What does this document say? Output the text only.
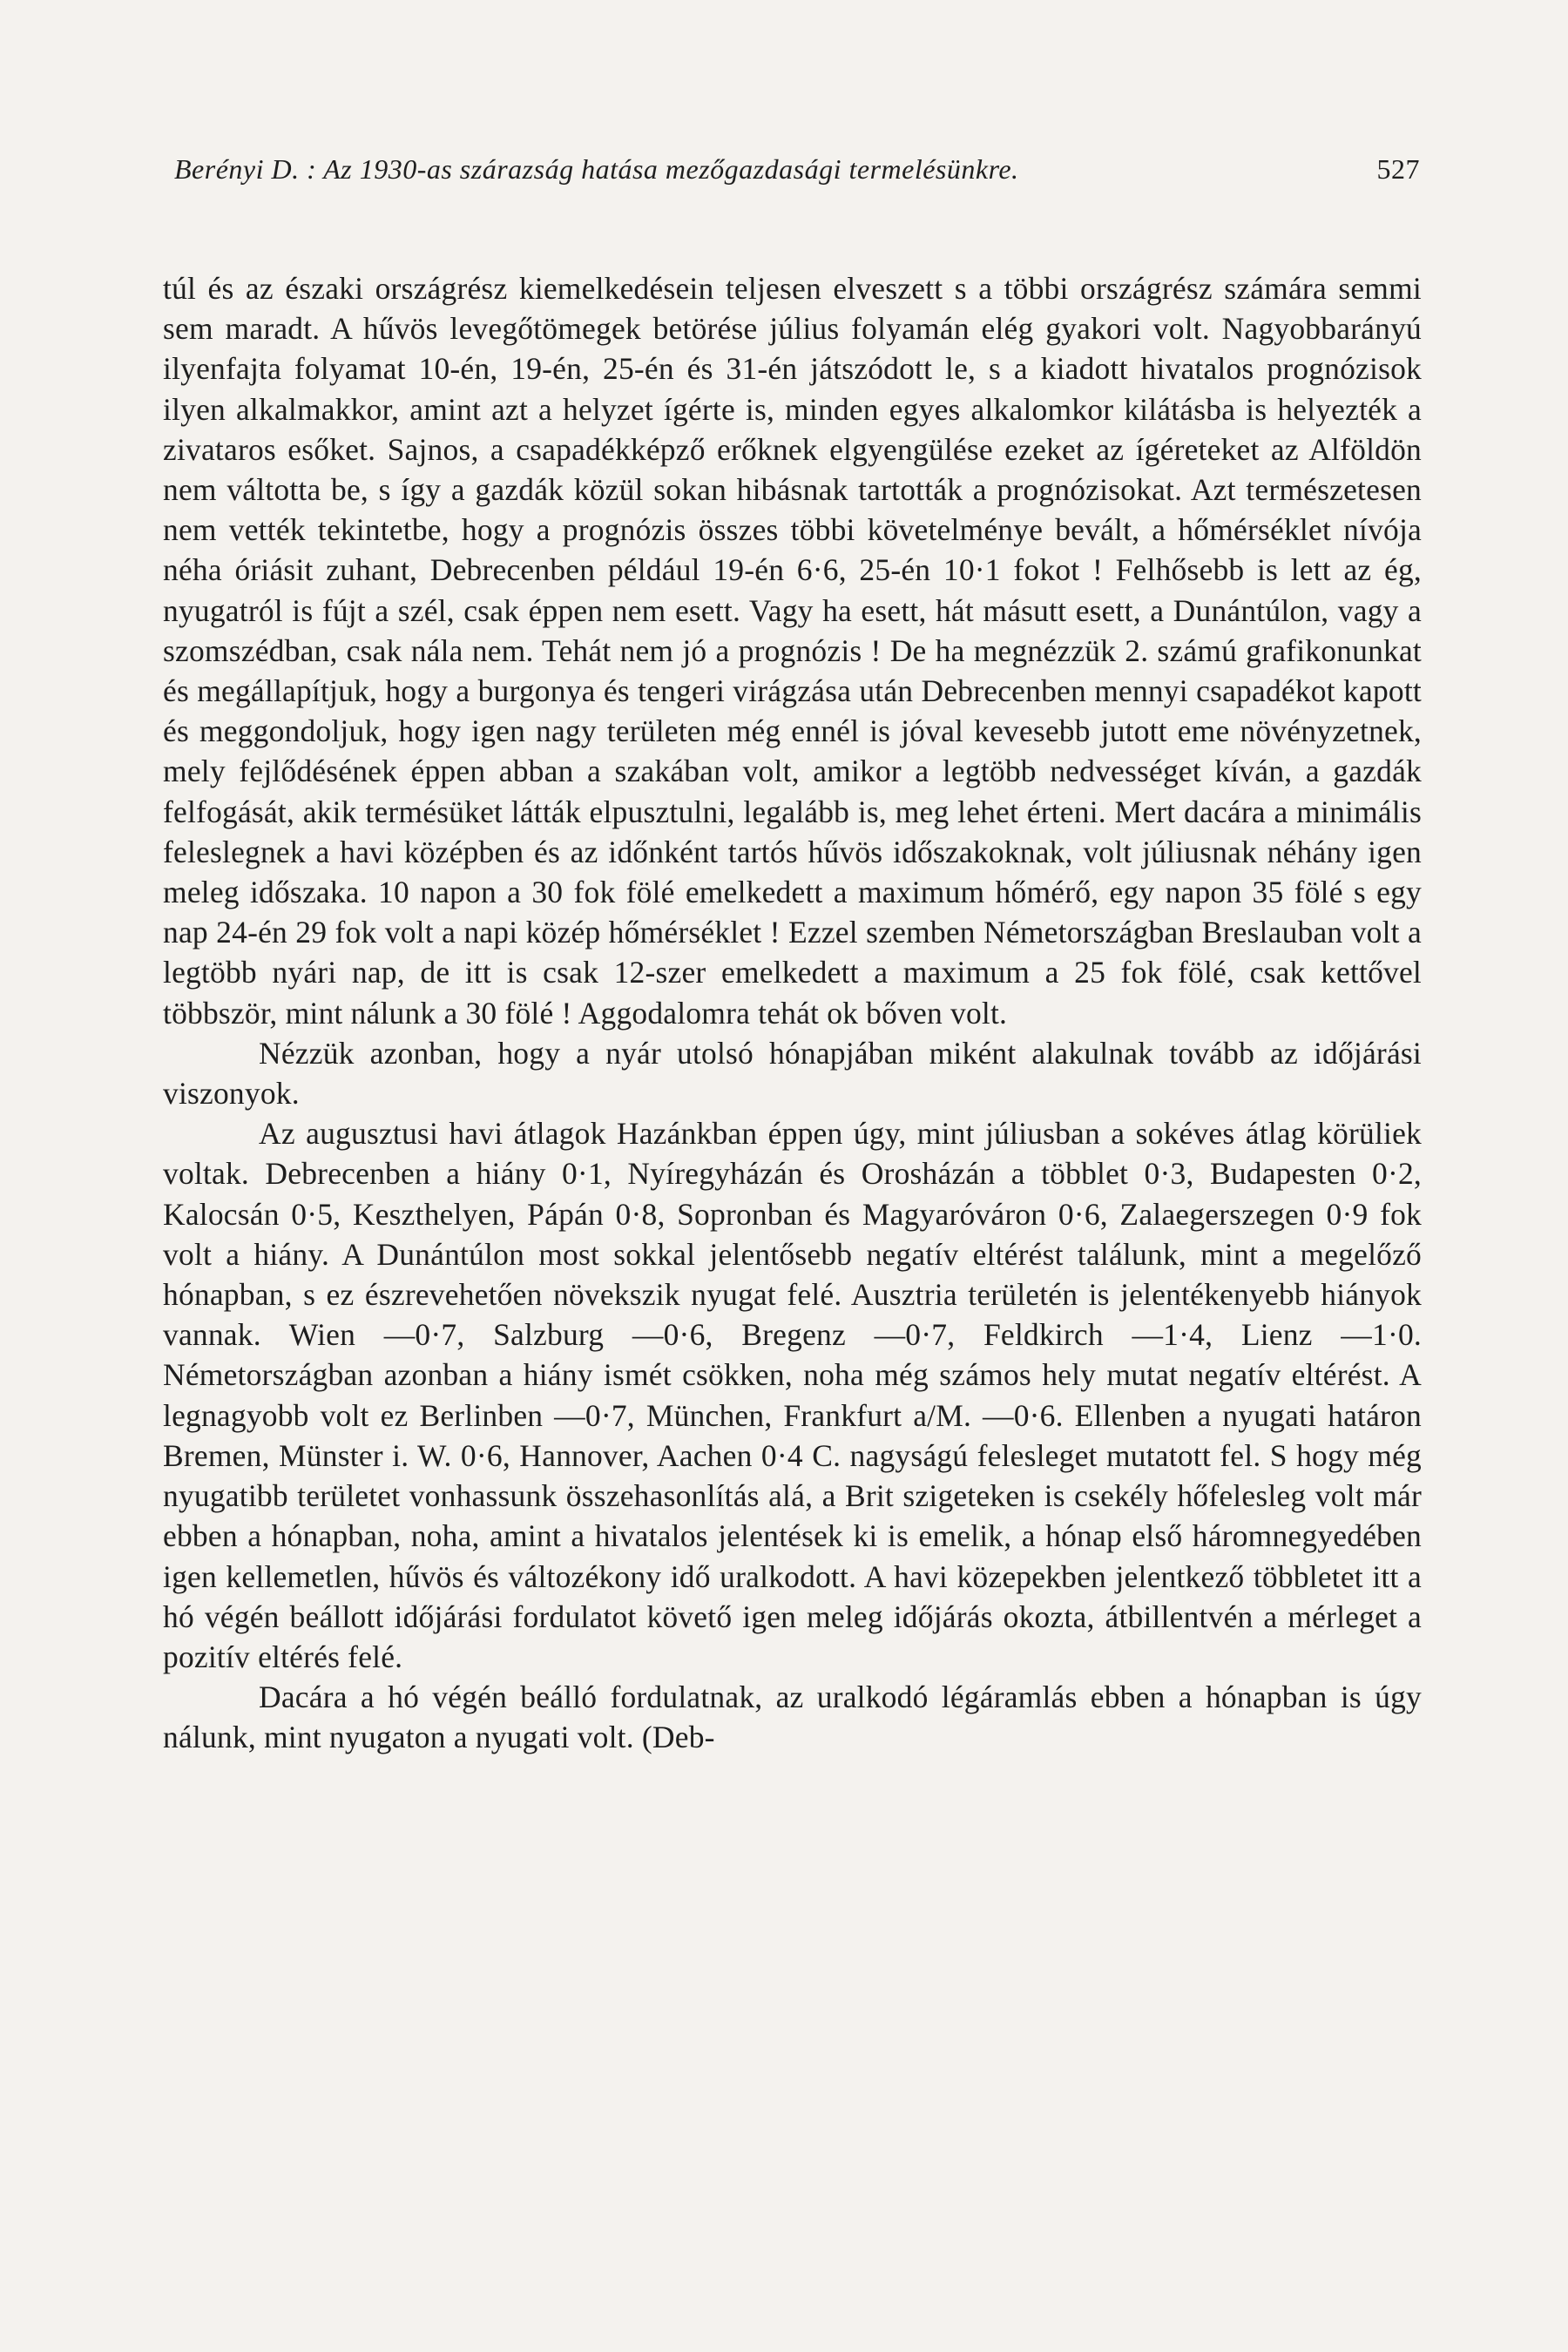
Berényi D. : Az 1930-as szárazság hatása mezőgazdasági termelésünkre.	527

túl és az északi országrész kiemelkedésein teljesen elveszett s a többi országrész számára semmi sem maradt. A hűvös levegőtömegek betörése július folyamán elég gyakori volt. Nagyobbarányú ilyenfajta folyamat 10-én, 19-én, 25-én és 31-én játszódott le, s a kiadott hivatalos prognózisok ilyen alkalmakkor, amint azt a helyzet ígérte is, minden egyes alkalomkor kilátásba is helyezték a zivataros esőket. Sajnos, a csapadékképző erőknek elgyengülése ezeket az ígéreteket az Alföldön nem váltotta be, s így a gazdák közül sokan hibásnak tartották a prognózisokat. Azt természetesen nem vették tekintetbe, hogy a prognózis összes többi követelménye bevált, a hőmérséklet nívója néha óriásit zuhant, Debrecenben például 19-én 6·6, 25-én 10·1 fokot ! Felhősebb is lett az ég, nyugatról is fújt a szél, csak éppen nem esett. Vagy ha esett, hát másutt esett, a Dunántúlon, vagy a szomszédban, csak nála nem. Tehát nem jó a prognózis ! De ha megnézzük 2. számú grafikonunkat és megállapítjuk, hogy a burgonya és tengeri virágzása után Debrecenben mennyi csapadékot kapott és meggondoljuk, hogy igen nagy területen még ennél is jóval kevesebb jutott eme növényzetnek, mely fejlődésének éppen abban a szakában volt, amikor a legtöbb nedvességet kíván, a gazdák felfogását, akik termésüket látták elpusztulni, legalább is, meg lehet érteni. Mert dacára a minimális feleslegnek a havi középben és az időnként tartós hűvös időszakoknak, volt júliusnak néhány igen meleg időszaka. 10 napon a 30 fok fölé emelkedett a maximum hőmérő, egy napon 35 fölé s egy nap 24-én 29 fok volt a napi közép hőmérséklet ! Ezzel szemben Németországban Breslauban volt a legtöbb nyári nap, de itt is csak 12-szer emelkedett a maximum a 25 fok fölé, csak kettővel többször, mint nálunk a 30 fölé ! Aggodalomra tehát ok bőven volt.

Nézzük azonban, hogy a nyár utolsó hónapjában miként alakulnak tovább az időjárási viszonyok.

Az augusztusi havi átlagok Hazánkban éppen úgy, mint júliusban a sokéves átlag körüliek voltak. Debrecenben a hiány 0·1, Nyíregyházán és Orosházán a többlet 0·3, Budapesten 0·2, Kalocsán 0·5, Keszthelyen, Pápán 0·8, Sopronban és Magyaróváron 0·6, Zalaegerszegen 0·9 fok volt a hiány. A Dunántúlon most sokkal jelentősebb negatív eltérést találunk, mint a megelőző hónapban, s ez észrevehetően növekszik nyugat felé. Ausztria területén is jelentékenyebb hiányok vannak. Wien —0·7, Salzburg —0·6, Bregenz —0·7, Feldkirch —1·4, Lienz —1·0. Németországban azonban a hiány ismét csökken, noha még számos hely mutat negatív eltérést. A legnagyobb volt ez Berlinben —0·7, München, Frankfurt a/M. —0·6. Ellenben a nyugati határon Bremen, Münster i. W. 0·6, Hannover, Aachen 0·4 C. nagyságú felesleget mutatott fel. S hogy még nyugatibb területet vonhassunk összehasonlítás alá, a Brit szigeteken is csekély hőfelesleg volt már ebben a hónapban, noha, amint a hivatalos jelentések ki is emelik, a hónap első háromnegyedében igen kellemetlen, hűvös és változékony idő uralkodott. A havi közepekben jelentkező többletet itt a hó végén beállott időjárási fordulatot követő igen meleg időjárás okozta, átbillentvén a mérleget a pozitív eltérés felé.

Dacára a hó végén beálló fordulatnak, az uralkodó légáramlás ebben a hónapban is úgy nálunk, mint nyugaton a nyugati volt. (Deb-
